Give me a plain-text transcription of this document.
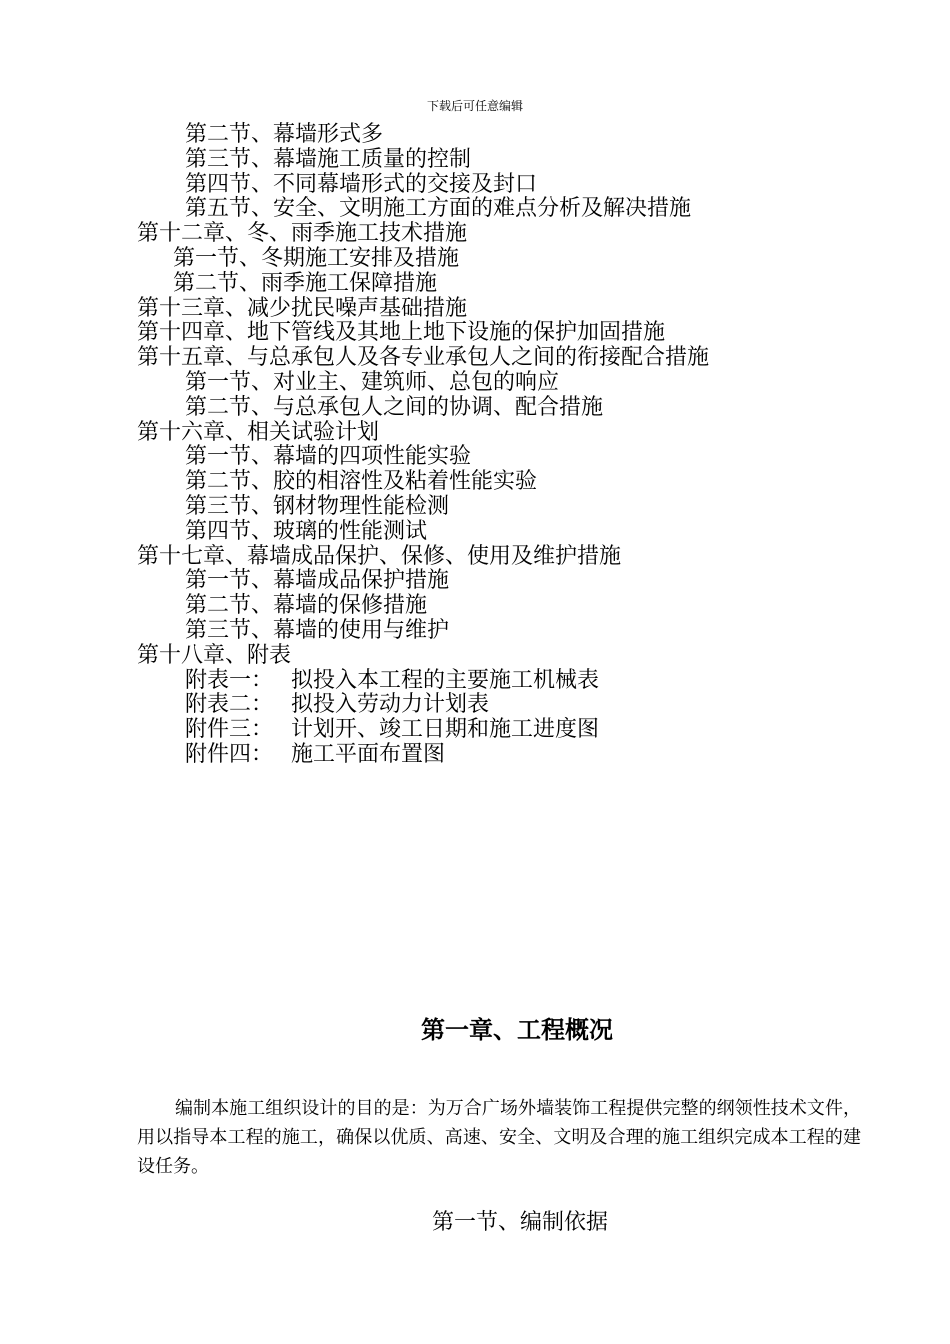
下载后可任意编辑
第二节、幕墙形式多
第三节、幕墙施工质量的控制
第四节、不同幕墙形式的交接及封口
第五节、安全、文明施工方面的难点分析及解决措施
第十二章、冬、雨季施工技术措施
第一节、冬期施工安排及措施
第二节、雨季施工保障措施
第十三章、减少扰民噪声基础措施
第十四章、地下管线及其地上地下设施的保护加固措施
第十五章、与总承包人及各专业承包人之间的衔接配合措施
第一节、对业主、建筑师、总包的响应
第二节、与总承包人之间的协调、配合措施
第十六章、相关试验计划
第一节、幕墙的四项性能实验
第二节、胶的相溶性及粘着性能实验
第三节、钢材物理性能检测
第四节、玻璃的性能测试
第十七章、幕墙成品保护、保修、使用及维护措施
第一节、幕墙成品保护措施
第二节、幕墙的保修措施
第三节、幕墙的使用与维护
第十八章、附表
附表一： 拟投入本工程的主要施工机械表
附表二： 拟投入劳动力计划表
附件三： 计划开、竣工日期和施工进度图
附件四： 施工平面布置图
第一章、工程概况
编制本施工组织设计的目的是：为万合广场外墙装饰工程提供完整的纲领性技术文件，用以指导本工程的施工，确保以优质、高速、安全、文明及合理的施工组织完成本工程的建设任务。
第一节、编制依据
